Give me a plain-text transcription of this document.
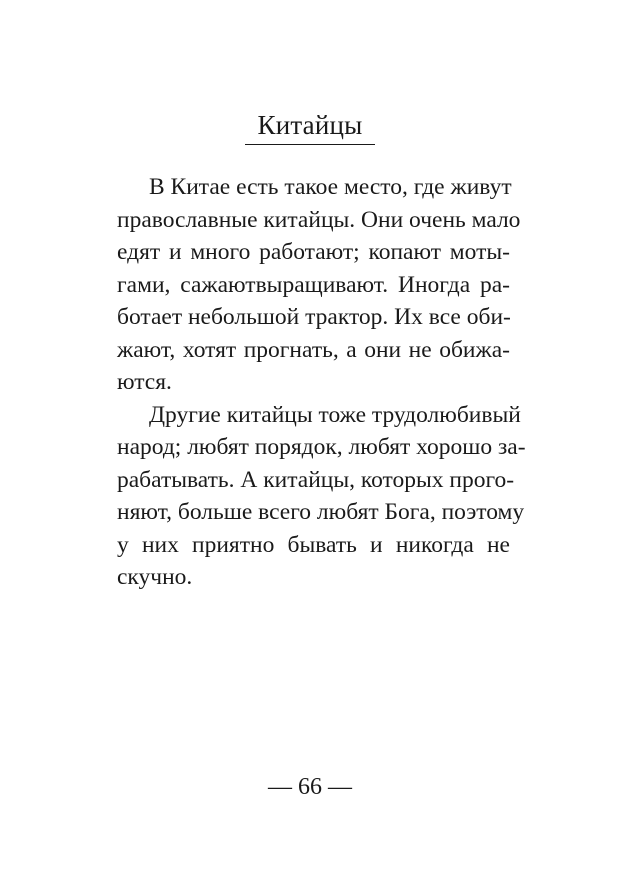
Китайцы

В Китае есть такое место, где живут
православные китайцы. Они очень мало
едят и много работают; копают моты-
гами, сажаютвыращивают. Иногда ра-
ботает небольшой трактор. Их все оби-
жают, хотят прогнать, а они не обижа-
ются.

Другие китайцы тоже трудолюбивый
народ; любят порядок, любят хорошо за-
рабатывать. А китайцы, которых прого-
няют, больше всего любят Бога, поэтому
у них приятно бывать и никогда не
скучно.

— 66 —
